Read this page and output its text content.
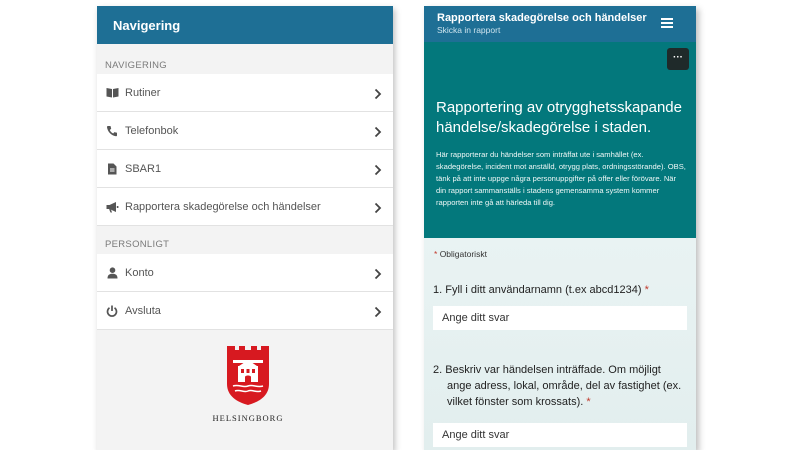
Navigering
NAVIGERING
Rutiner
Telefonbok
SBAR1
Rapportera skadegörelse och händelser
PERSONLIGT
Konto
Avsluta
HELSINGBORG
Rapportera skadegörelse och händelser
Skicka in rapport
···
Rapportering av otrygghetsskapande händelse/skadegörelse i staden.
Här rapporterar du händelser som inträffat ute i samhället (ex. skadegörelse, incident mot anställd, otrygg plats, ordningsstörande). OBS, tänk på att inte uppge några personuppgifter på offer eller förövare. När din rapport sammanställs i stadens gemensamma system kommer rapporten inte gå att härleda till dig.
* Obligatoriskt
1. Fyll i ditt användarnamn (t.ex abcd1234) *
Ange ditt svar
2. Beskriv var händelsen inträffade. Om möjligt ange adress, lokal, område, del av fastighet (ex. vilket fönster som krossats). *
Ange ditt svar
